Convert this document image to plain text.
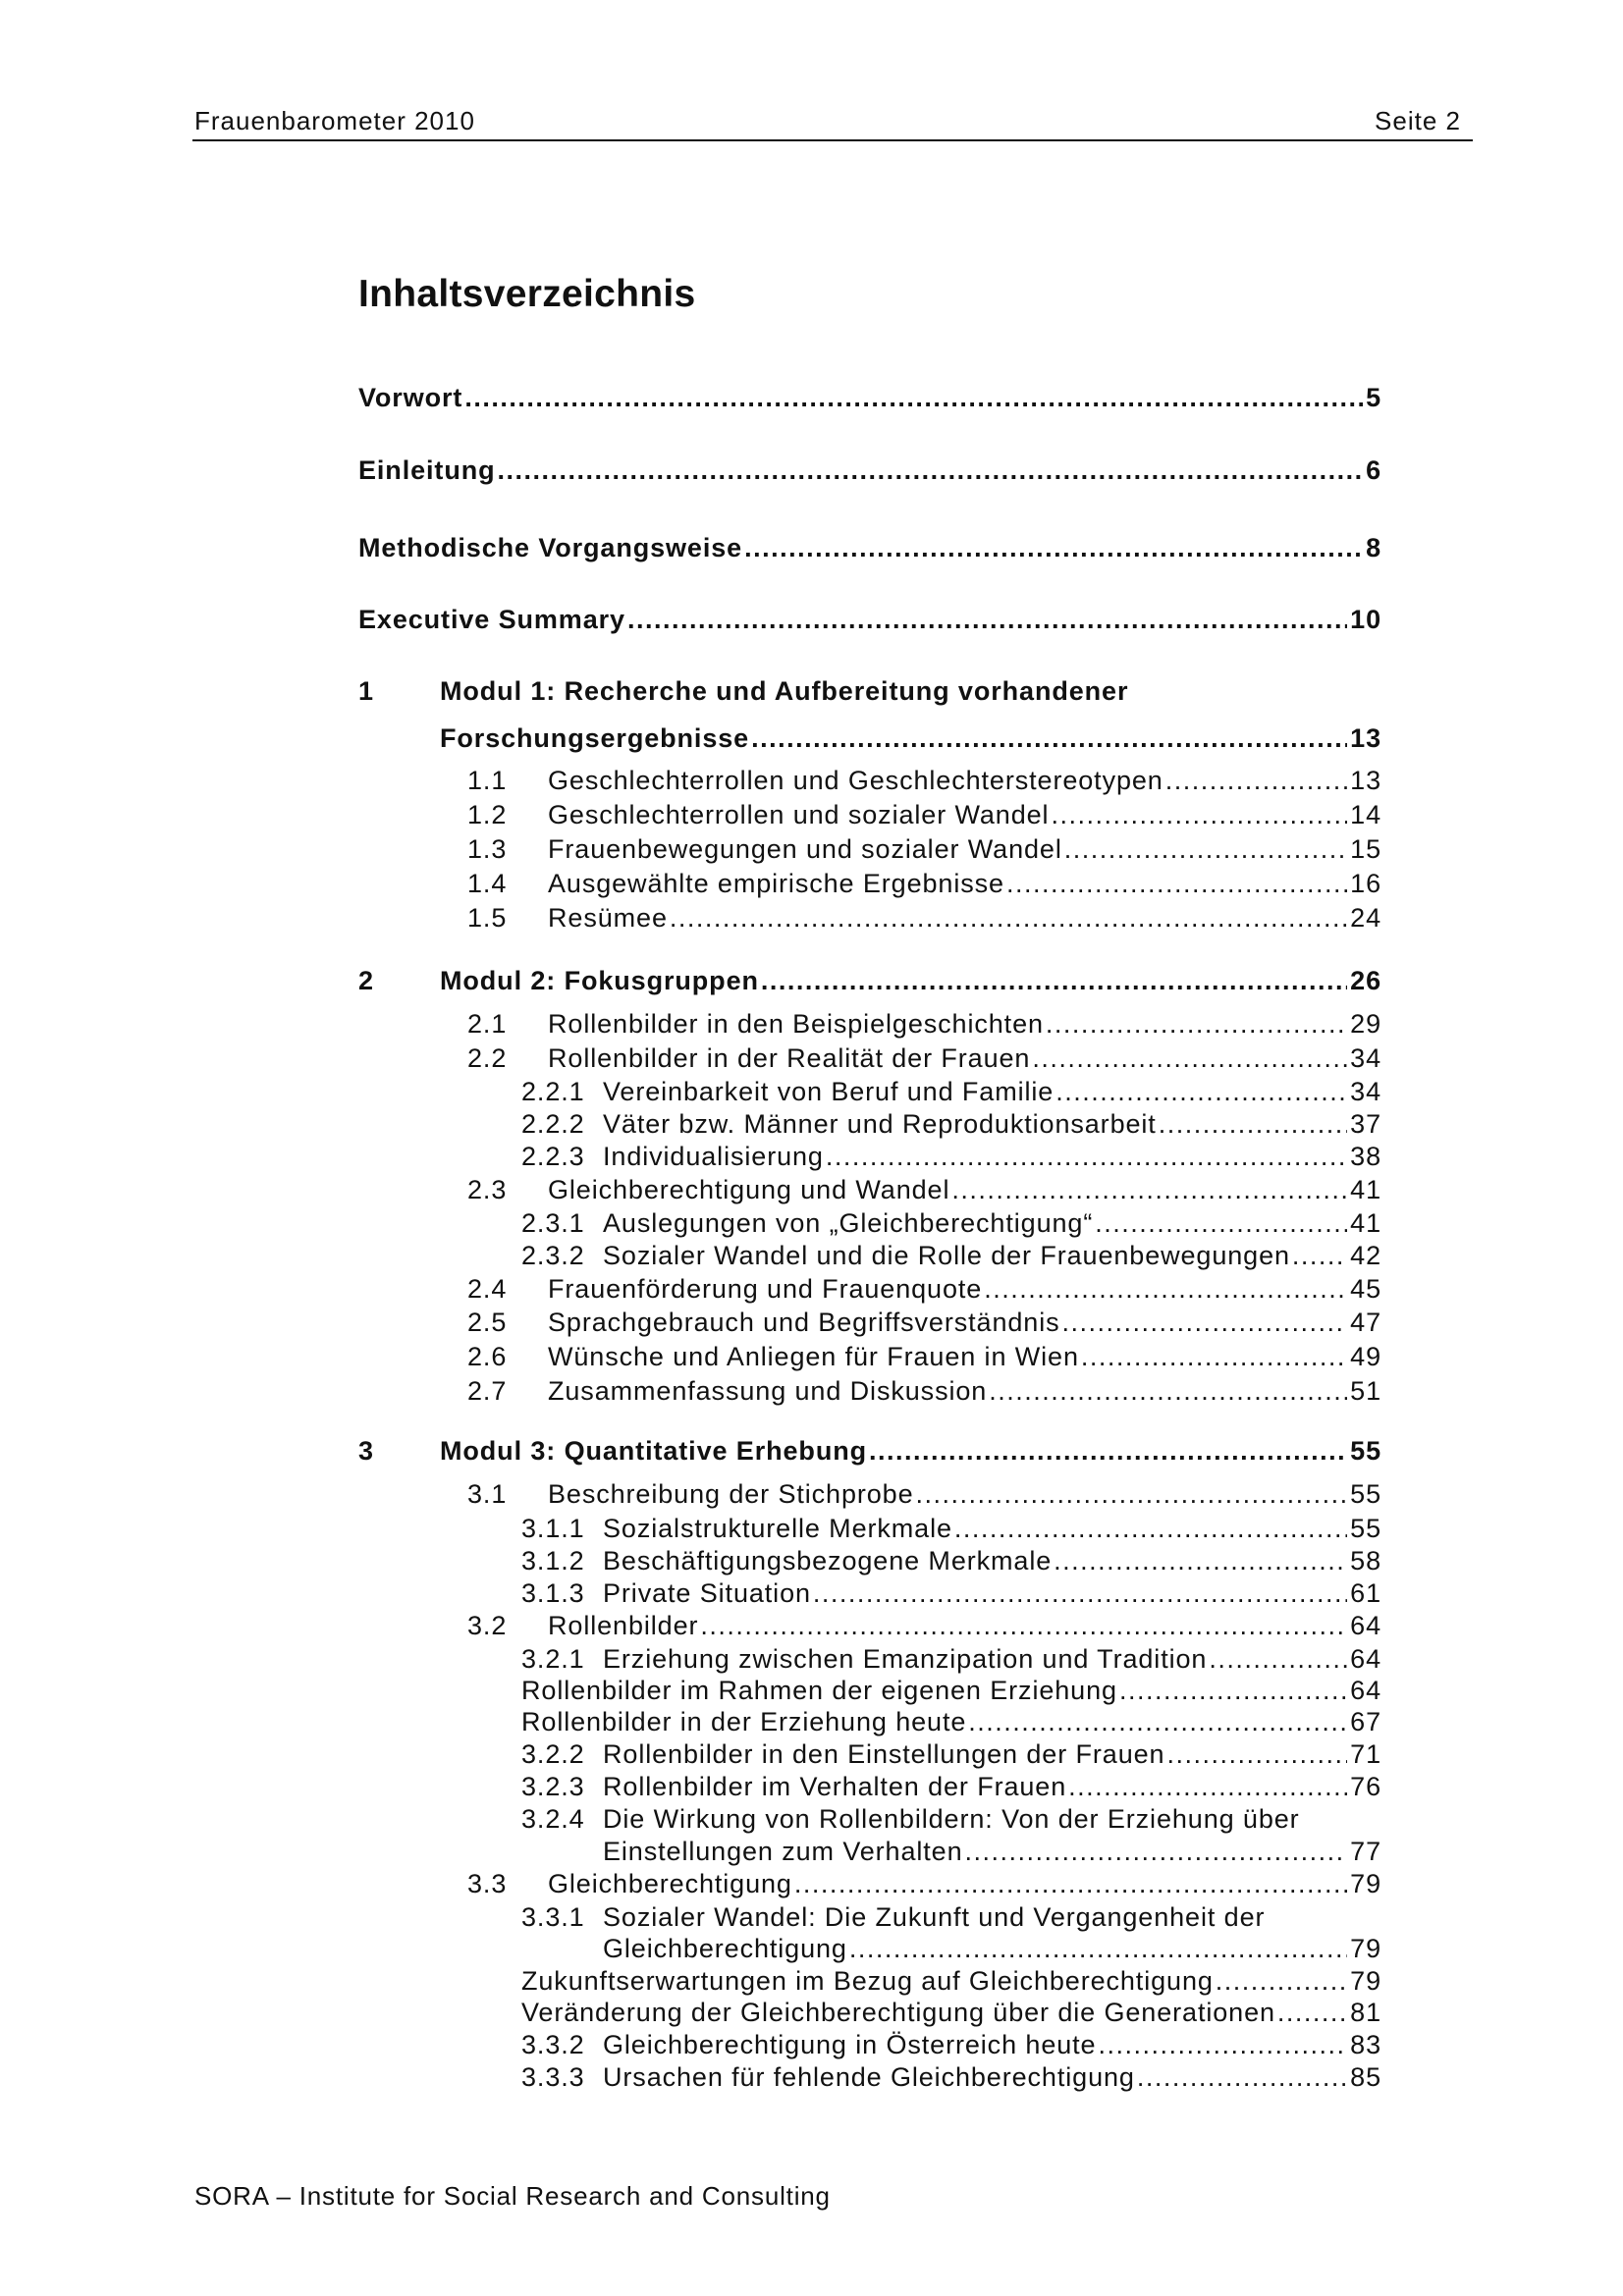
Frauenbarometer 2010	Seite 2
Inhaltsverzeichnis
Vorwort .....	5
Einleitung .....	6
Methodische Vorgangsweise .....	8
Executive Summary .....	10
1 Modul 1: Recherche und Aufbereitung vorhandener
Forschungsergebnisse .....	13
1.1 Geschlechterrollen und Geschlechterstereotypen .....	13
1.2 Geschlechterrollen und sozialer Wandel .....	14
1.3 Frauenbewegungen und sozialer Wandel .....	15
1.4 Ausgewählte empirische Ergebnisse .....	16
1.5 Resümee .....	24
2 Modul 2: Fokusgruppen .....	26
2.1 Rollenbilder in den Beispielgeschichten .....	29
2.2 Rollenbilder in der Realität der Frauen .....	34
2.2.1 Vereinbarkeit von Beruf und Familie .....	34
2.2.2 Väter bzw. Männer und Reproduktionsarbeit .....	37
2.2.3 Individualisierung .....	38
2.3 Gleichberechtigung und Wandel .....	41
2.3.1 Auslegungen von „Gleichberechtigung“ .....	41
2.3.2 Sozialer Wandel und die Rolle der Frauenbewegungen ..... 42
2.4 Frauenförderung und Frauenquote .....	45
2.5 Sprachgebrauch und Begriffsverständnis .....	47
2.6 Wünsche und Anliegen für Frauen in Wien .....	49
2.7 Zusammenfassung und Diskussion .....	51
3 Modul 3: Quantitative Erhebung .....	55
3.1 Beschreibung der Stichprobe .....	55
3.1.1 Sozialstrukturelle Merkmale .....	55
3.1.2 Beschäftigungsbezogene Merkmale .....	58
3.1.3 Private Situation .....	61
3.2 Rollenbilder .....	64
3.2.1 Erziehung zwischen Emanzipation und Tradition .....	64
Rollenbilder im Rahmen der eigenen Erziehung .....	64
Rollenbilder in der Erziehung heute .....	67
3.2.2 Rollenbilder in den Einstellungen der Frauen .....	71
3.2.3 Rollenbilder im Verhalten der Frauen .....	76
3.2.4 Die Wirkung von Rollenbildern: Von der Erziehung über
Einstellungen zum Verhalten .....	77
3.3 Gleichberechtigung .....	79
3.3.1 Sozialer Wandel: Die Zukunft und Vergangenheit der
Gleichberechtigung .....	79
Zukunftserwartungen im Bezug auf Gleichberechtigung .....	79
Veränderung der Gleichberechtigung über die Generationen .....	81
3.3.2 Gleichberechtigung in Österreich heute .....	83
3.3.3 Ursachen für fehlende Gleichberechtigung .....	85
SORA – Institute for Social Research and Consulting
